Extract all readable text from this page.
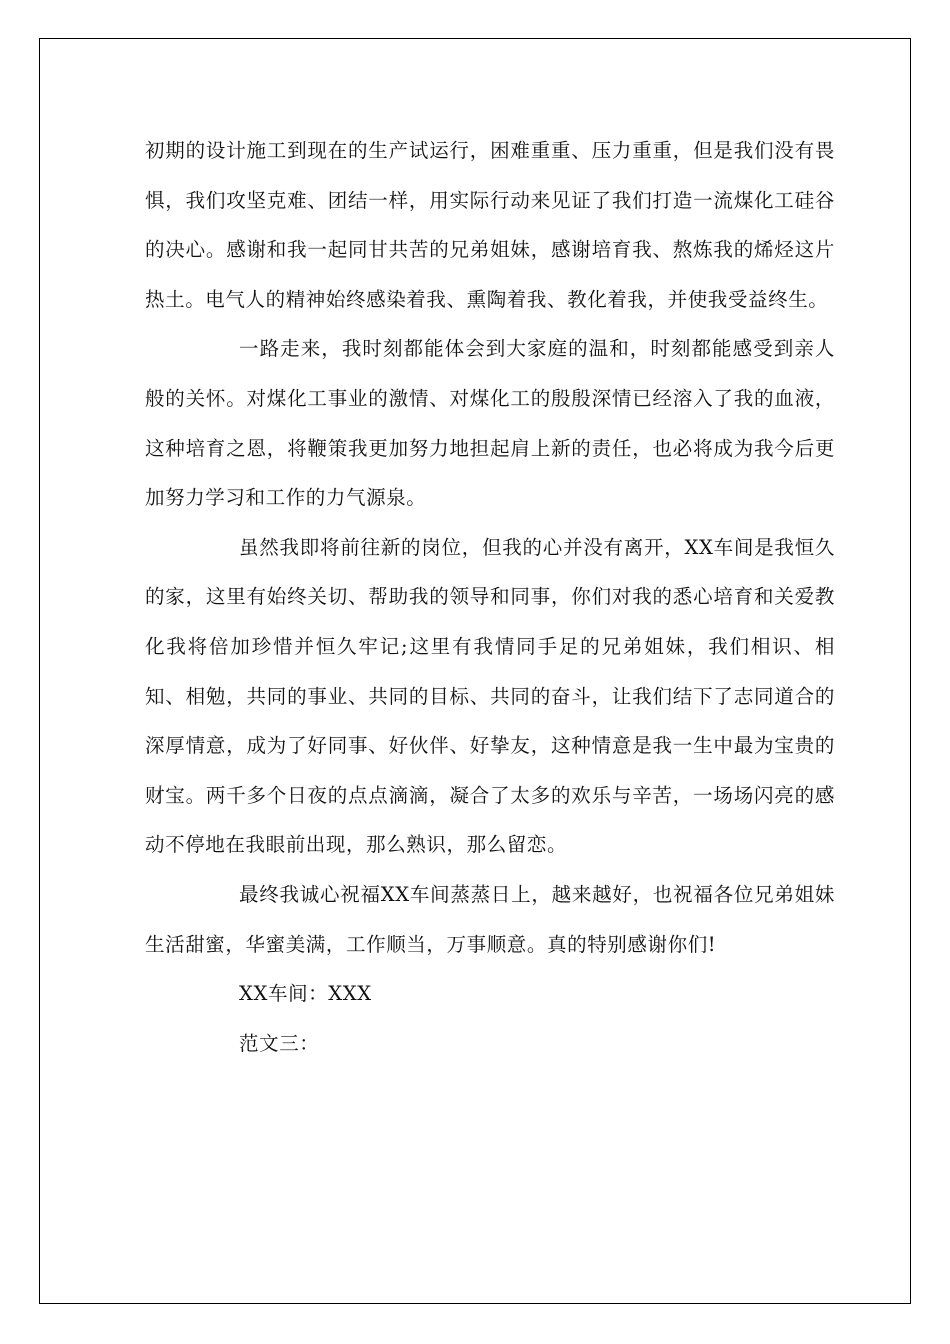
初期的设计施工到现在的生产试运行，困难重重、压力重重，但是我们没有畏惧，我们攻坚克难、团结一样，用实际行动来见证了我们打造一流煤化工硅谷的决心。感谢和我一起同甘共苦的兄弟姐妹，感谢培育我、熬炼我的烯烃这片热土。电气人的精神始终感染着我、熏陶着我、教化着我，并使我受益终生。

一路走来，我时刻都能体会到大家庭的温和，时刻都能感受到亲人般的关怀。对煤化工事业的激情、对煤化工的殷殷深情已经溶入了我的血液，这种培育之恩，将鞭策我更加努力地担起肩上新的责任，也必将成为我今后更加努力学习和工作的力气源泉。

虽然我即将前往新的岗位，但我的心并没有离开，XX车间是我恒久的家，这里有始终关切、帮助我的领导和同事，你们对我的悉心培育和关爱教化我将倍加珍惜并恒久牢记;这里有我情同手足的兄弟姐妹，我们相识、相知、相勉，共同的事业、共同的目标、共同的奋斗，让我们结下了志同道合的深厚情意，成为了好同事、好伙伴、好挚友，这种情意是我一生中最为宝贵的财宝。两千多个日夜的点点滴滴，凝合了太多的欢乐与辛苦，一场场闪亮的感动不停地在我眼前出现，那么熟识，那么留恋。

最终我诚心祝福XX车间蒸蒸日上，越来越好，也祝福各位兄弟姐妹生活甜蜜，华蜜美满，工作顺当，万事顺意。真的特别感谢你们!

XX车间：XXX

范文三：
